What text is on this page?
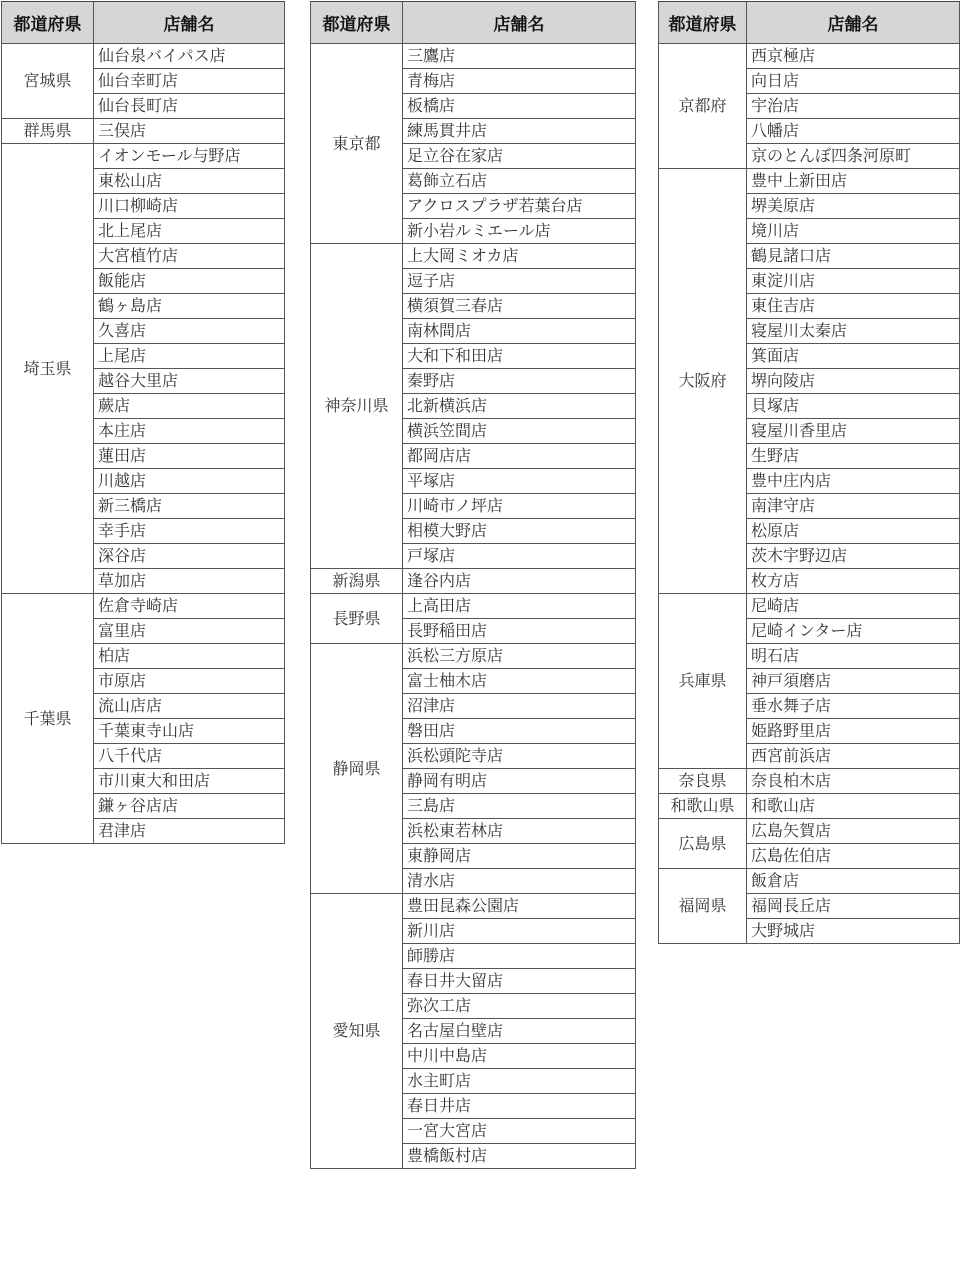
都道府県	店舗名
宮城県	仙台泉バイパス店
	仙台幸町店
	仙台長町店
群馬県	三俣店
埼玉県	イオンモール与野店
	東松山店
	川口柳崎店
	北上尾店
	大宮植竹店
	飯能店
	鶴ヶ島店
	久喜店
	上尾店
	越谷大里店
	蕨店
	本庄店
	蓮田店
	川越店
	新三橋店
	幸手店
	深谷店
	草加店
千葉県	佐倉寺崎店
	富里店
	柏店
	市原店
	流山店店
	千葉東寺山店
	八千代店
	市川東大和田店
	鎌ヶ谷店店
	君津店
都道府県	店舗名
東京都	三鷹店
	青梅店
	板橋店
	練馬貫井店
	足立谷在家店
	葛飾立石店
	アクロスプラザ若葉台店
	新小岩ルミエール店
神奈川県	上大岡ミオカ店
	逗子店
	横須賀三春店
	南林間店
	大和下和田店
	秦野店
	北新横浜店
	横浜笠間店
	都岡店店
	平塚店
	川崎市ノ坪店
	相模大野店
	戸塚店
新潟県	逢谷内店
長野県	上高田店
	長野稲田店
静岡県	浜松三方原店
	富士柚木店
	沼津店
	磐田店
	浜松頭陀寺店
	静岡有明店
	三島店
	浜松東若林店
	東静岡店
	清水店
愛知県	豊田昆森公園店
	新川店
	師勝店
	春日井大留店
	弥次工店
	名古屋白壁店
	中川中島店
	水主町店
	春日井店
	一宮大宮店
	豊橋飯村店
都道府県	店舗名
京都府	西京極店
	向日店
	宇治店
	八幡店
	京のとんぼ四条河原町
大阪府	豊中上新田店
	堺美原店
	境川店
	鶴見諸口店
	東淀川店
	東住吉店
	寝屋川太秦店
	箕面店
	堺向陵店
	貝塚店
	寝屋川香里店
	生野店
	豊中庄内店
	南津守店
	松原店
	茨木宇野辺店
	枚方店
兵庫県	尼崎店
	尼崎インター店
	明石店
	神戸須磨店
	垂水舞子店
	姫路野里店
	西宮前浜店
奈良県	奈良柏木店
和歌山県	和歌山店
広島県	広島矢賀店
	広島佐伯店
福岡県	飯倉店
	福岡長丘店
	大野城店
